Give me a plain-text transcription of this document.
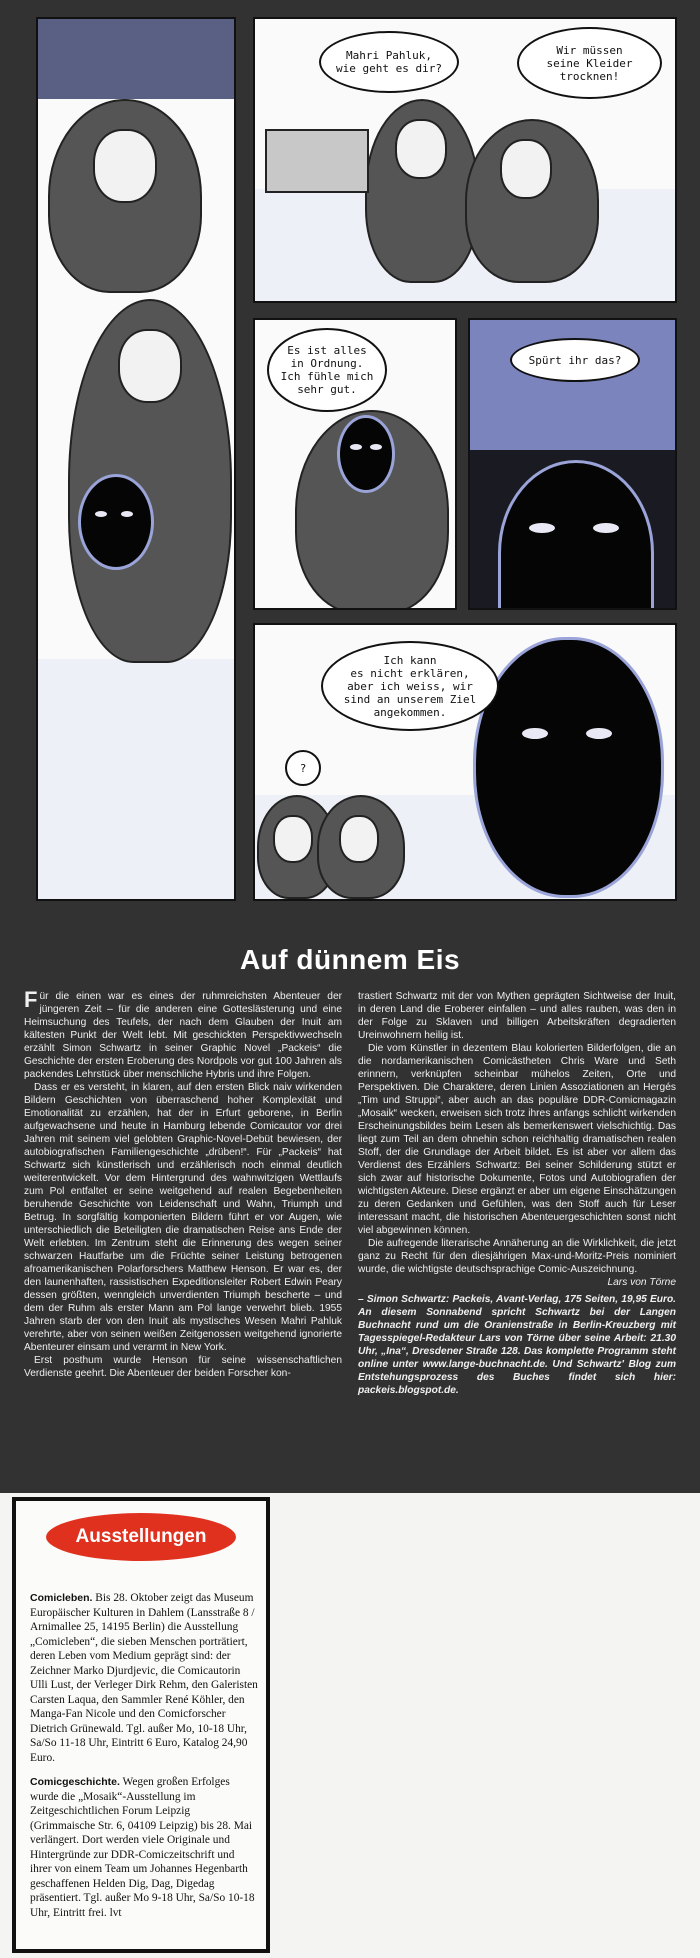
Mahri Pahluk,
wie geht es dir?
Wir müssen
seine Kleider
trocknen!
Es ist alles
in Ordnung.
Ich fühle mich
sehr gut.
Spürt ihr das?
Ich kann
es nicht erklären,
aber ich weiss, wir
sind an unserem Ziel
angekommen.
?
Auf dünnem Eis

Für die einen war es eines der ruhmreichsten Abenteuer der jüngeren Zeit – für die anderen eine Gotteslästerung und eine Heimsuchung des Teufels, der nach dem Glauben der Inuit am kältesten Punkt der Welt lebt. Mit geschickten Perspektivwechseln erzählt Simon Schwartz in seiner Graphic Novel „Packeis“ die Geschichte der ersten Eroberung des Nordpols vor gut 100 Jahren als packendes Lehrstück über menschliche Hybris und ihre Folgen.

Dass er es versteht, in klaren, auf den ersten Blick naiv wirkenden Bildern Geschichten von überraschend hoher Komplexität und Emotionalität zu erzählen, hat der in Erfurt geborene, in Berlin aufgewachsene und heute in Hamburg lebende Comicautor vor drei Jahren mit seinem viel gelobten Graphic-Novel-Debüt bewiesen, der autobiografischen Familiengeschichte „drüben!“. Für „Packeis“ hat Schwartz sich künstlerisch und erzählerisch noch einmal deutlich weiterentwickelt. Vor dem Hintergrund des wahnwitzigen Wettlaufs zum Pol entfaltet er seine weitgehend auf realen Begebenheiten beruhende Geschichte von Leidenschaft und Wahn, Triumph und Betrug. In sorgfältig komponierten Bildern führt er vor Augen, wie unterschiedlich die Beteiligten die dramatischen Reise ans Ende der Welt erlebten. Im Zentrum steht die Erinnerung des wegen seiner schwarzen Hautfarbe um die Früchte seiner Leistung betrogenen afroamerikanischen Polarforschers Matthew Henson. Er war es, der den launenhaften, rassistischen Expeditionsleiter Robert Edwin Peary dessen größten, wenngleich unverdienten Triumph bescherte – und dem der Ruhm als erster Mann am Pol lange verwehrt blieb. 1955 Jahren starb der von den Inuit als mystisches Wesen Mahri Pahluk verehrte, aber von seinen weißen Zeitgenossen weitgehend ignorierte Abenteurer einsam und verarmt in New York.

Erst posthum wurde Henson für seine wissenschaftlichen Verdienste geehrt. Die Abenteuer der beiden Forscher kon-

trastiert Schwartz mit der von Mythen geprägten Sichtweise der Inuit, in deren Land die Eroberer einfallen – und alles rauben, was den in der Folge zu Sklaven und billigen Arbeitskräften degradierten Ureinwohnern heilig ist.

Die vom Künstler in dezentem Blau kolorierten Bilderfolgen, die an die nordamerikanischen Comicästheten Chris Ware und Seth erinnern, verknüpfen scheinbar mühelos Zeiten, Orte und Perspektiven. Die Charaktere, deren Linien Assoziationen an Hergés „Tim und Struppi“, aber auch an das populäre DDR-Comicmagazin „Mosaik“ wecken, erweisen sich trotz ihres anfangs schlicht wirkenden Erscheinungsbildes beim Lesen als bemerkenswert vielschichtig. Das liegt zum Teil an dem ohnehin schon reichhaltig dramatischen realen Stoff, der die Grundlage der Arbeit bildet. Es ist aber vor allem das Verdienst des Erzählers Schwartz: Bei seiner Schilderung stützt er sich zwar auf historische Dokumente, Fotos und Autobiografien der wichtigsten Akteure. Diese ergänzt er aber um eigene Einschätzungen zu deren Gedanken und Gefühlen, was den Stoff auch für Leser interessant macht, die historischen Abenteuergeschichten sonst nicht viel abgewinnen können.

Die aufregende literarische Annäherung an die Wirklichkeit, die jetzt ganz zu Recht für den diesjährigen Max-und-Moritz-Preis nominiert wurde, die wichtigste deutschsprachige Comic-Auszeichnung.

Lars von Törne
– Simon Schwartz: Packeis, Avant-Verlag, 175 Seiten, 19,95 Euro. An diesem Sonnabend spricht Schwartz bei der Langen Buchnacht rund um die Oranienstraße in Berlin-Kreuzberg mit Tagesspiegel-Redakteur Lars von Törne über seine Arbeit: 21.30 Uhr, „Ina“, Dresdener Straße 128. Das komplette Programm steht online unter www.lange-buchnacht.de. Und Schwartz' Blog zum Entstehungsprozess des Buches findet sich hier: packeis.blogspot.de.
Ausstellungen

Comicleben. Bis 28. Oktober zeigt das Museum Europäischer Kulturen in Dahlem (Lansstraße 8 / Arnimallee 25, 14195 Berlin) die Ausstellung „Comicleben“, die sieben Menschen porträtiert, deren Leben vom Medium geprägt sind: der Zeichner Marko Djurdjevic, die Comicautorin Ulli Lust, der Verleger Dirk Rehm, den Galeristen Carsten Laqua, den Sammler René Köhler, den Manga-Fan Nicole und den Comicforscher Dietrich Grünewald. Tgl. außer Mo, 10-18 Uhr, Sa/So 11-18 Uhr, Eintritt 6 Euro, Katalog 24,90 Euro.

Comicgeschichte. Wegen großen Erfolges wurde die „Mosaik“-Ausstellung im Zeitgeschichtlichen Forum Leipzig (Grimmaische Str. 6, 04109 Leipzig) bis 28. Mai verlängert. Dort werden viele Originale und Hintergründe zur DDR-Comiczeitschrift und ihrer von einem Team um Johannes Hegenbarth geschaffenen Helden Dig, Dag, Digedag präsentiert. Tgl. außer Mo 9-18 Uhr, Sa/So 10-18 Uhr, Eintritt frei. lvt
